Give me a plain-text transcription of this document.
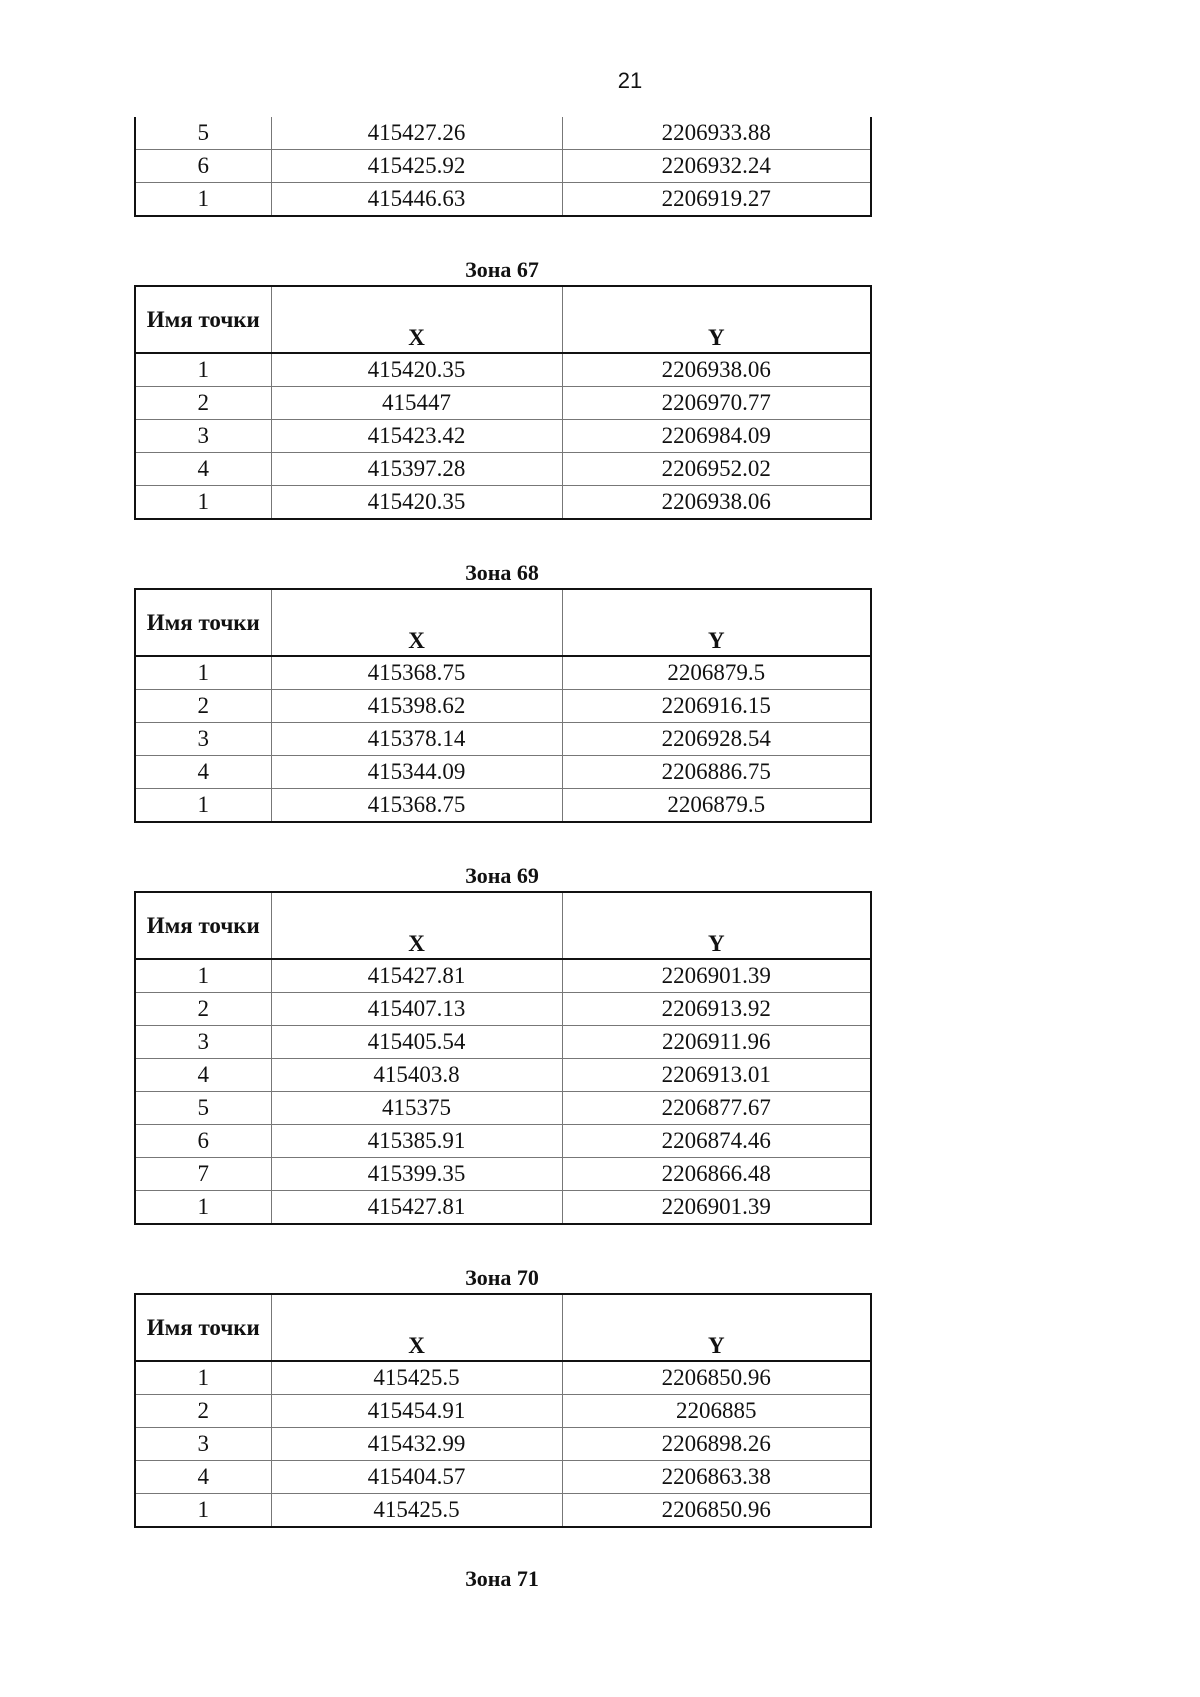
21
5	415427.26	2206933.88
6	415425.92	2206932.24
1	415446.63	2206919.27
Зона 67
Имя точки	X	Y
1	415420.35	2206938.06
2	415447	2206970.77
3	415423.42	2206984.09
4	415397.28	2206952.02
1	415420.35	2206938.06
Зона 68
Имя точки	X	Y
1	415368.75	2206879.5
2	415398.62	2206916.15
3	415378.14	2206928.54
4	415344.09	2206886.75
1	415368.75	2206879.5
Зона 69
Имя точки	X	Y
1	415427.81	2206901.39
2	415407.13	2206913.92
3	415405.54	2206911.96
4	415403.8	2206913.01
5	415375	2206877.67
6	415385.91	2206874.46
7	415399.35	2206866.48
1	415427.81	2206901.39
Зона 70
Имя точки	X	Y
1	415425.5	2206850.96
2	415454.91	2206885
3	415432.99	2206898.26
4	415404.57	2206863.38
1	415425.5	2206850.96
Зона 71
